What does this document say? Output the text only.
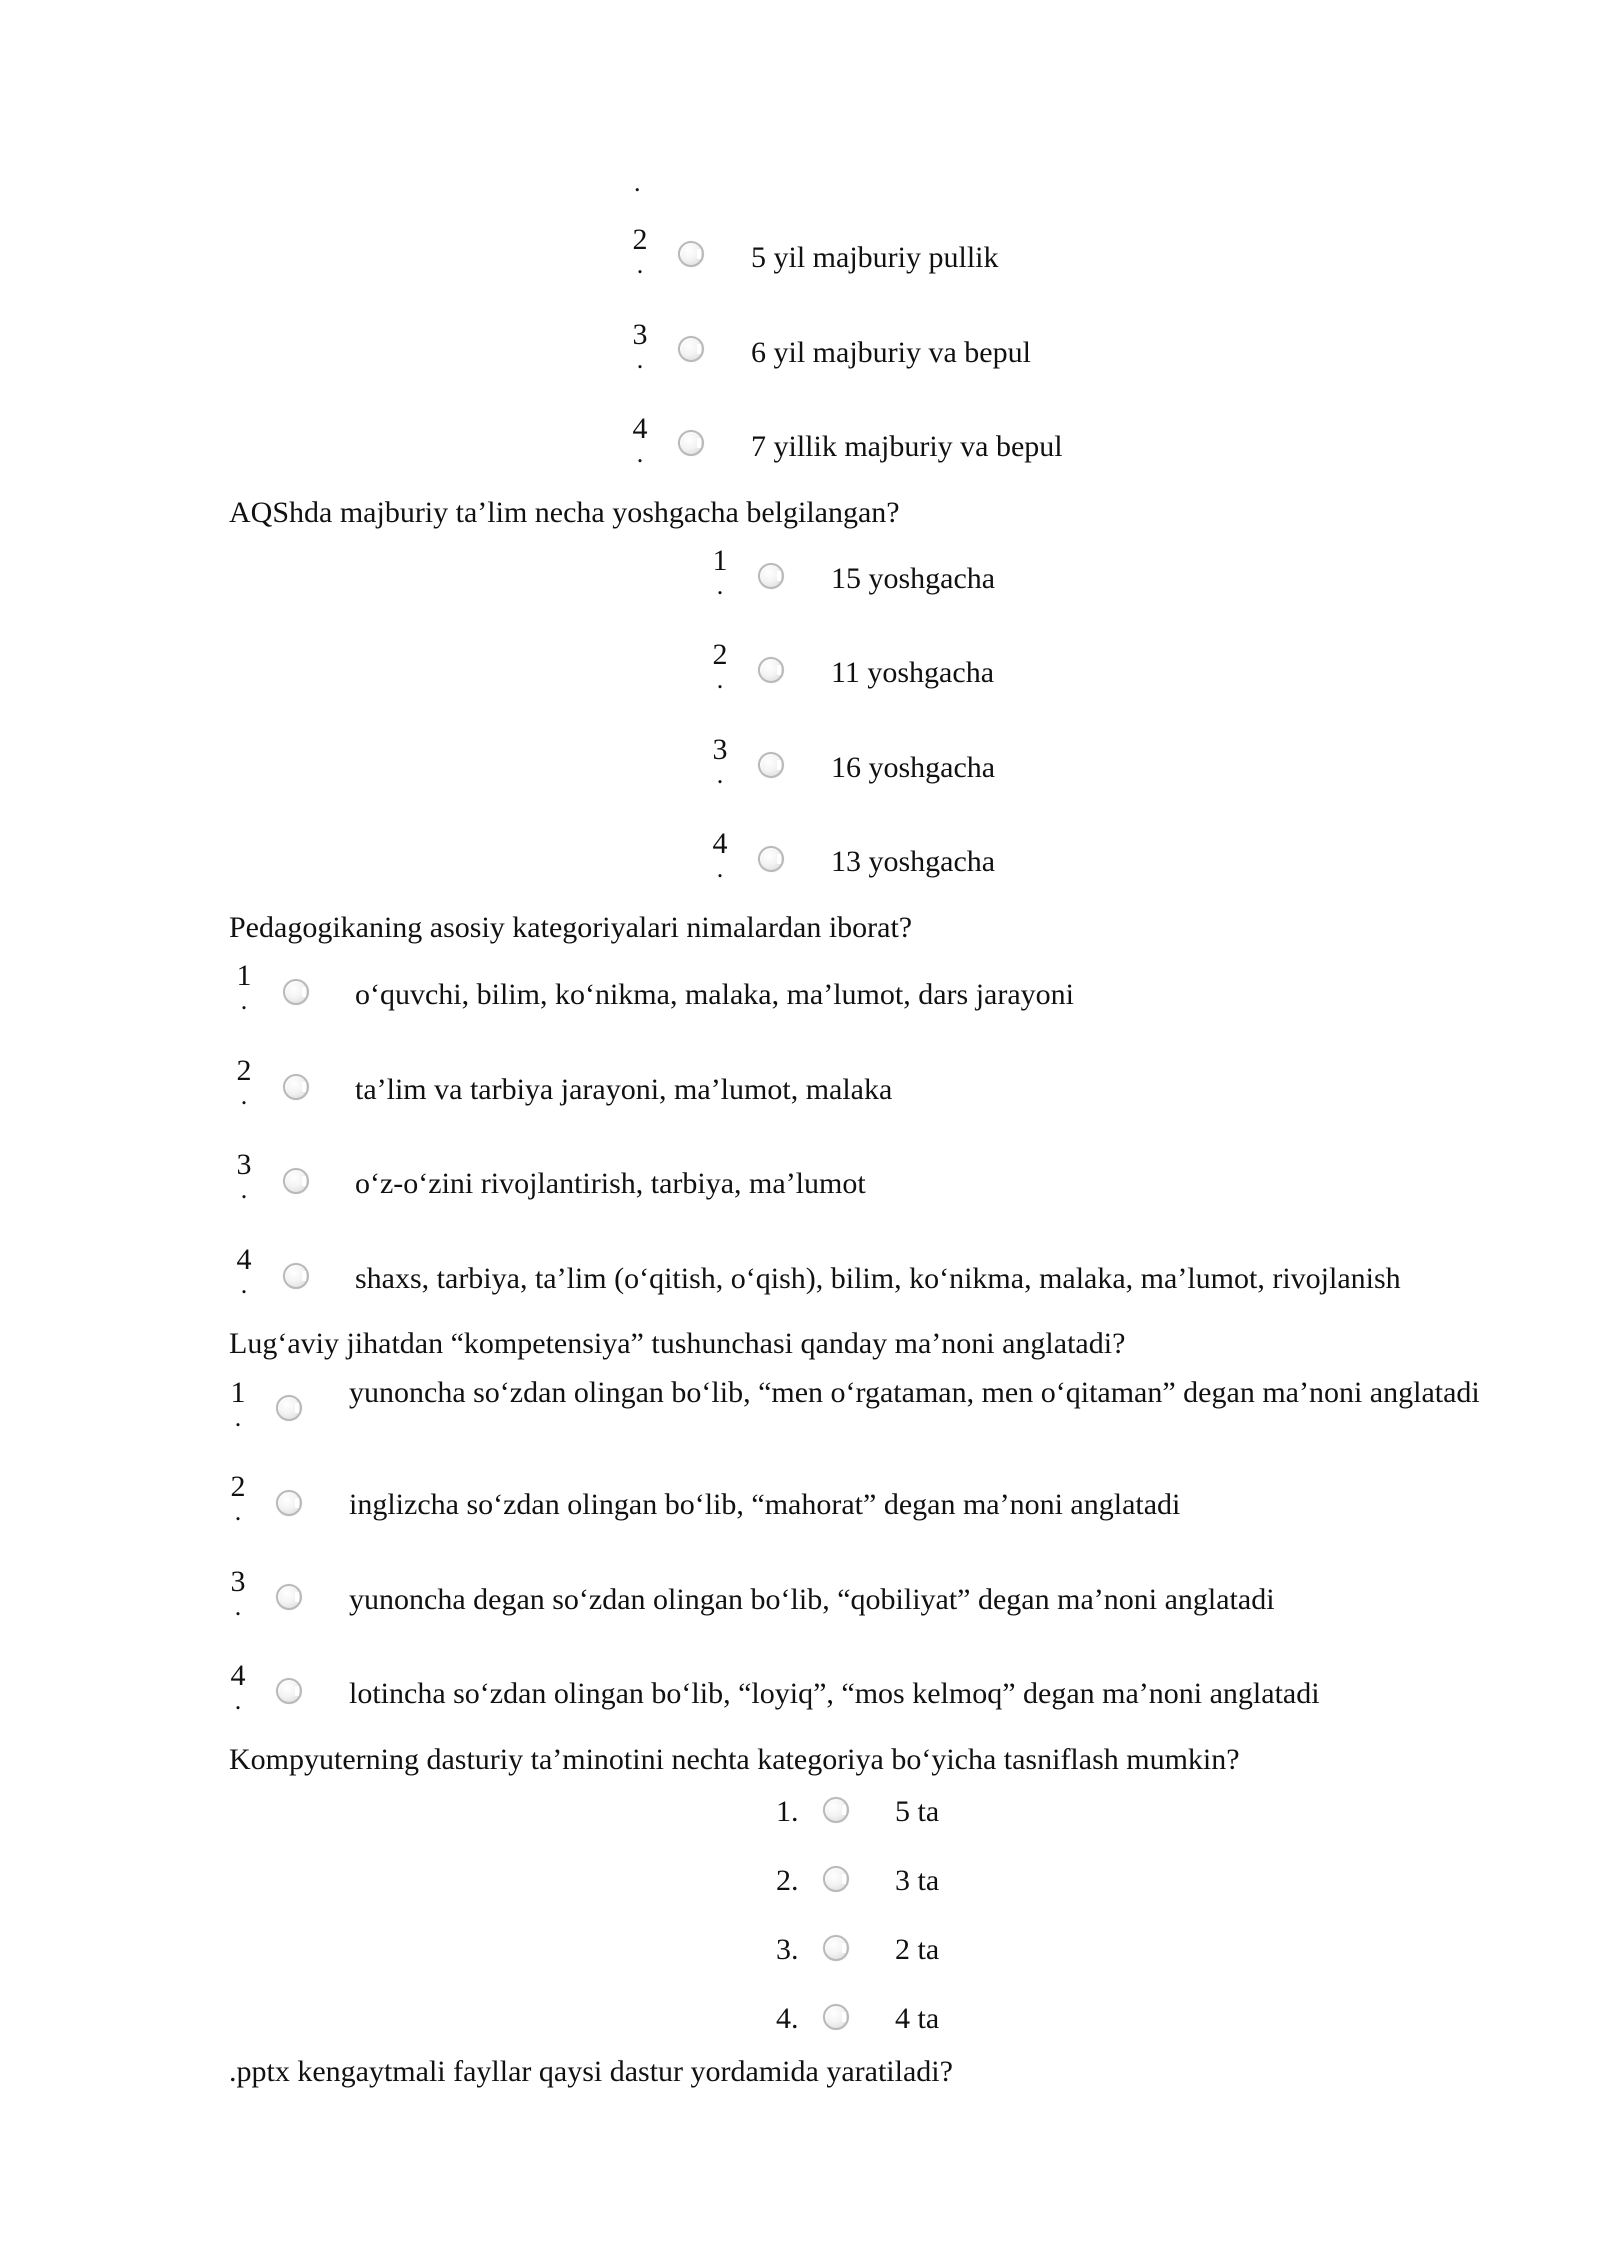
.
2
.	5 yil majburiy pullik
3
.	6 yil majburiy va bepul
4
.	7 yillik majburiy va bepul
AQShda majburiy ta’lim necha yoshgacha belgilangan?
1
.	15 yoshgacha
2
.	11 yoshgacha
3
.	16 yoshgacha
4
.	13 yoshgacha
Pedagogikaning asosiy kategoriyalari nimalardan iborat?
1
.	o‘quvchi, bilim, ko‘nikma, malaka, ma’lumot, dars jarayoni
2
.	ta’lim va tarbiya jarayoni, ma’lumot, malaka
3
.	o‘z-o‘zini rivojlantirish, tarbiya, ma’lumot
4
.	shaxs, tarbiya, ta’lim (o‘qitish, o‘qish), bilim, ko‘nikma, malaka, ma’lumot, rivojlanish
Lug‘aviy jihatdan “kompetensiya” tushunchasi qanday ma’noni anglatadi?
1
.
yunoncha so‘zdan olingan bo‘lib, “men o‘rgataman, men o‘qitaman” degan ma’noni anglatadi
2
.	inglizcha so‘zdan olingan bo‘lib, “mahorat” degan ma’noni anglatadi
3
.	yunoncha degan so‘zdan olingan bo‘lib, “qobiliyat” degan ma’noni anglatadi
4
.	lotincha so‘zdan olingan bo‘lib, “loyiq”, “mos kelmoq” degan ma’noni anglatadi
Kompyuterning dasturiy ta’minotini nechta kategoriya bo‘yicha tasniflash mumkin?
1.	5 ta
2.	3 ta
3.	2 ta
4.	4 ta
.pptx kengaytmali fayllar qaysi dastur yordamida yaratiladi?
